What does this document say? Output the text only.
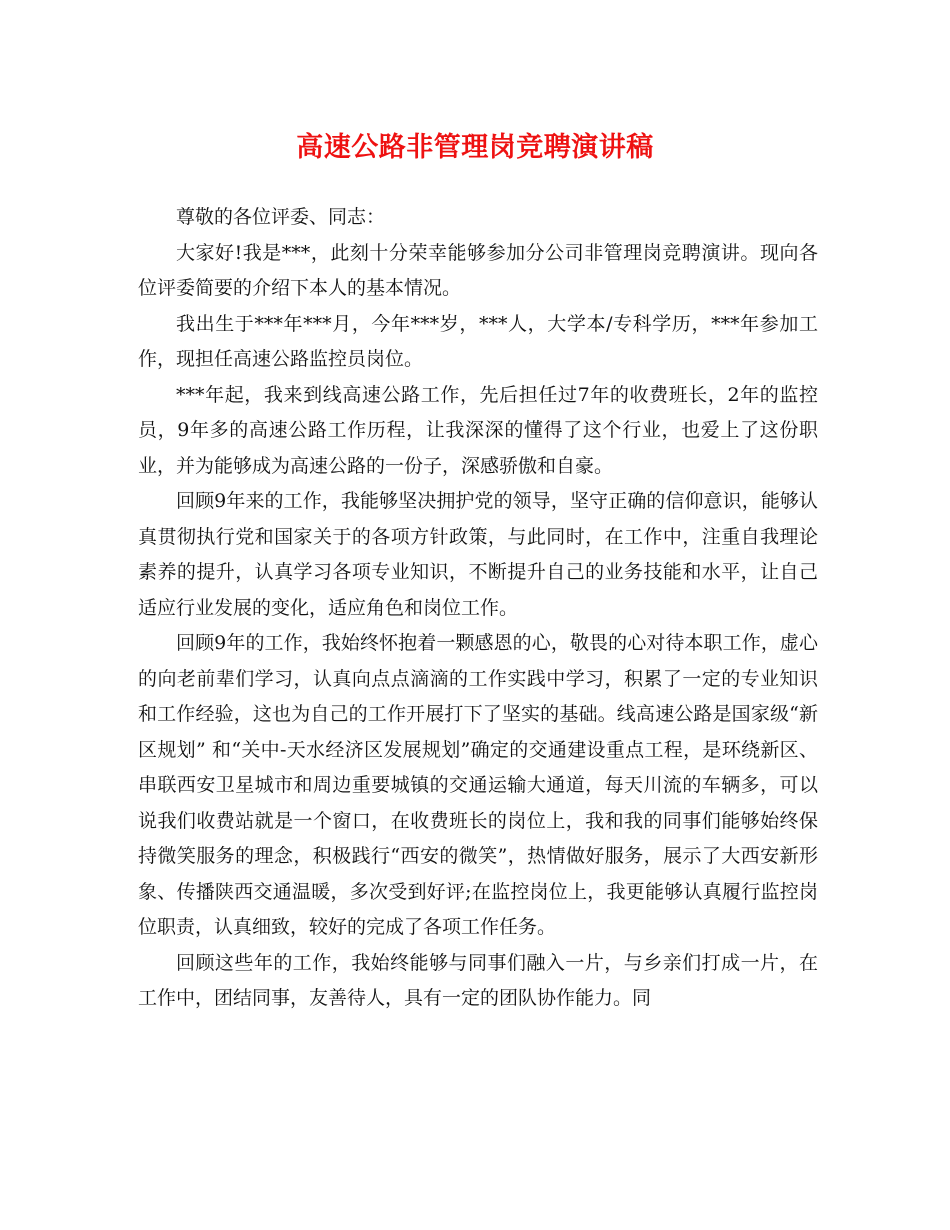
高速公路非管理岗竞聘演讲稿

尊敬的各位评委、同志：

大家好!我是***，此刻十分荣幸能够参加分公司非管理岗竞聘演讲。现向各位评委简要的介绍下本人的基本情况。

我出生于***年***月，今年***岁，***人，大学本/专科学历，***年参加工作，现担任高速公路监控员岗位。

***年起，我来到线高速公路工作，先后担任过7年的收费班长，2年的监控员，9年多的高速公路工作历程，让我深深的懂得了这个行业，也爱上了这份职业，并为能够成为高速公路的一份子，深感骄傲和自豪。

回顾9年来的工作，我能够坚决拥护党的领导，坚守正确的信仰意识，能够认真贯彻执行党和国家关于的各项方针政策，与此同时，在工作中，注重自我理论素养的提升，认真学习各项专业知识，不断提升自己的业务技能和水平，让自己适应行业发展的变化，适应角色和岗位工作。

回顾9年的工作，我始终怀抱着一颗感恩的心，敬畏的心对待本职工作，虚心的向老前辈们学习，认真向点点滴滴的工作实践中学习，积累了一定的专业知识和工作经验，这也为自己的工作开展打下了坚实的基础。线高速公路是国家级“新区规划” 和“关中-天水经济区发展规划”确定的交通建设重点工程，是环绕新区、串联西安卫星城市和周边重要城镇的交通运输大通道，每天川流的车辆多，可以说我们收费站就是一个窗口，在收费班长的岗位上，我和我的同事们能够始终保持微笑服务的理念，积极践行“西安的微笑”，热情做好服务，展示了大西安新形象、传播陕西交通温暖，多次受到好评;在监控岗位上，我更能够认真履行监控岗位职责，认真细致，较好的完成了各项工作任务。

回顾这些年的工作，我始终能够与同事们融入一片，与乡亲们打成一片，在工作中，团结同事，友善待人，具有一定的团队协作能力。同
